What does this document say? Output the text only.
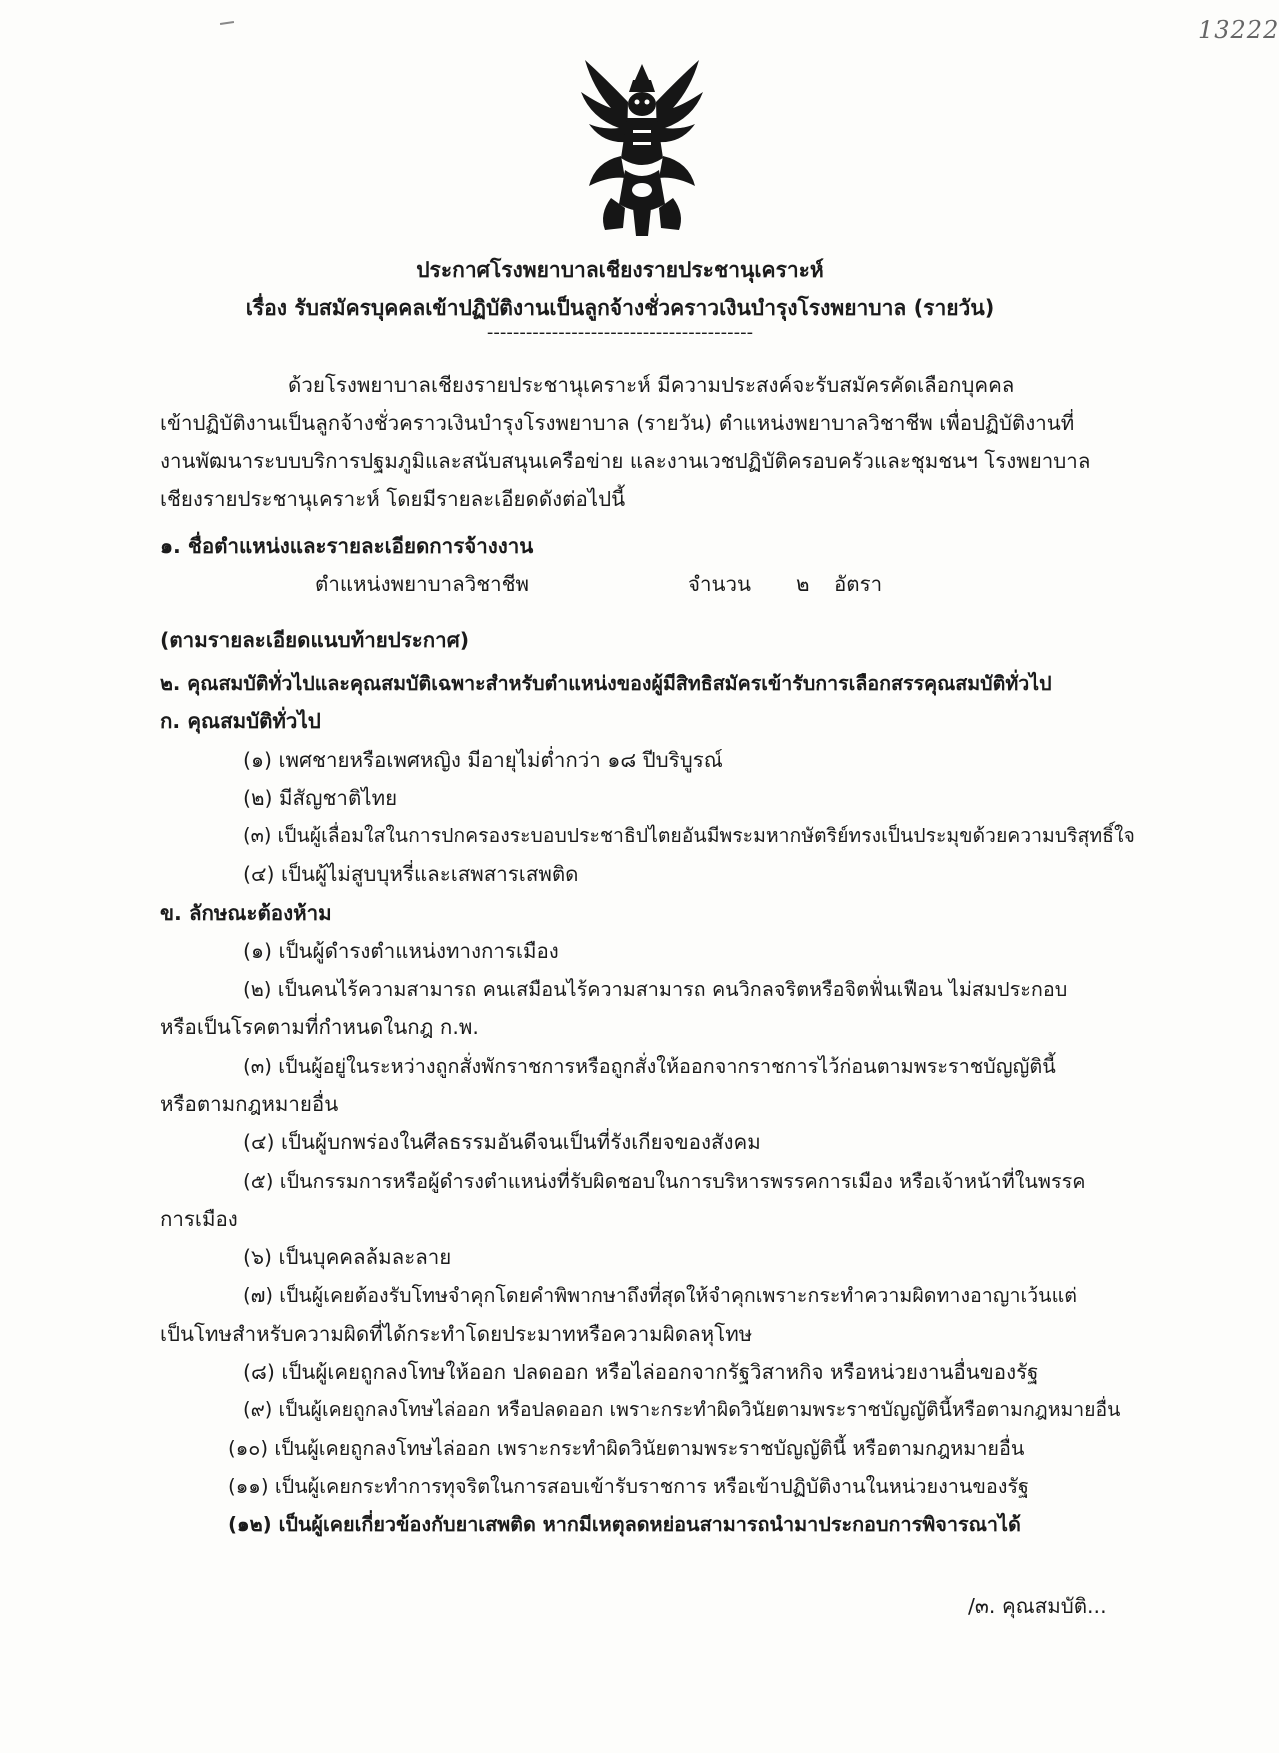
13222
ประกาศโรงพยาบาลเชียงรายประชานุเคราะห์
เรื่อง รับสมัครบุคคลเข้าปฏิบัติงานเป็นลูกจ้างชั่วคราวเงินบำรุงโรงพยาบาล (รายวัน)
-----------------------------------------
ด้วยโรงพยาบาลเชียงรายประชานุเคราะห์ มีความประสงค์จะรับสมัครคัดเลือกบุคคล
เข้าปฏิบัติงานเป็นลูกจ้างชั่วคราวเงินบำรุงโรงพยาบาล (รายวัน) ตำแหน่งพยาบาลวิชาชีพ เพื่อปฏิบัติงานที่
งานพัฒนาระบบบริการปฐมภูมิและสนับสนุนเครือข่าย และงานเวชปฏิบัติครอบครัวและชุมชนฯ โรงพยาบาล
เชียงรายประชานุเคราะห์ โดยมีรายละเอียดดังต่อไปนี้
๑. ชื่อตำแหน่งและรายละเอียดการจ้างงาน
ตำแหน่งพยาบาลวิชาชีพ	จำนวน ๒ อัตรา
(ตามรายละเอียดแนบท้ายประกาศ)
๒. คุณสมบัติทั่วไปและคุณสมบัติเฉพาะสำหรับตำแหน่งของผู้มีสิทธิสมัครเข้ารับการเลือกสรรคุณสมบัติทั่วไป
ก. คุณสมบัติทั่วไป
(๑) เพศชายหรือเพศหญิง มีอายุไม่ต่ำกว่า ๑๘ ปีบริบูรณ์
(๒) มีสัญชาติไทย
(๓) เป็นผู้เลื่อมใสในการปกครองระบอบประชาธิปไตยอันมีพระมหากษัตริย์ทรงเป็นประมุขด้วยความบริสุทธิ์ใจ
(๔) เป็นผู้ไม่สูบบุหรี่และเสพสารเสพติด
ข. ลักษณะต้องห้าม
(๑) เป็นผู้ดำรงตำแหน่งทางการเมือง
(๒) เป็นคนไร้ความสามารถ คนเสมือนไร้ความสามารถ คนวิกลจริตหรือจิตฟั่นเฟือน ไม่สมประกอบ
หรือเป็นโรคตามที่กำหนดในกฎ ก.พ.
(๓) เป็นผู้อยู่ในระหว่างถูกสั่งพักราชการหรือถูกสั่งให้ออกจากราชการไว้ก่อนตามพระราชบัญญัตินี้
หรือตามกฎหมายอื่น
(๔) เป็นผู้บกพร่องในศีลธรรมอันดีจนเป็นที่รังเกียจของสังคม
(๕) เป็นกรรมการหรือผู้ดำรงตำแหน่งที่รับผิดชอบในการบริหารพรรคการเมือง หรือเจ้าหน้าที่ในพรรค
การเมือง
(๖) เป็นบุคคลล้มละลาย
(๗) เป็นผู้เคยต้องรับโทษจำคุกโดยคำพิพากษาถึงที่สุดให้จำคุกเพราะกระทำความผิดทางอาญาเว้นแต่
เป็นโทษสำหรับความผิดที่ได้กระทำโดยประมาทหรือความผิดลหุโทษ
(๘) เป็นผู้เคยถูกลงโทษให้ออก ปลดออก หรือไล่ออกจากรัฐวิสาหกิจ หรือหน่วยงานอื่นของรัฐ
(๙) เป็นผู้เคยถูกลงโทษไล่ออก หรือปลดออก เพราะกระทำผิดวินัยตามพระราชบัญญัตินี้หรือตามกฎหมายอื่น
(๑๐) เป็นผู้เคยถูกลงโทษไล่ออก เพราะกระทำผิดวินัยตามพระราชบัญญัตินี้ หรือตามกฎหมายอื่น
(๑๑) เป็นผู้เคยกระทำการทุจริตในการสอบเข้ารับราชการ หรือเข้าปฏิบัติงานในหน่วยงานของรัฐ
(๑๒) เป็นผู้เคยเกี่ยวข้องกับยาเสพติด หากมีเหตุลดหย่อนสามารถนำมาประกอบการพิจารณาได้
/๓. คุณสมบัติ...
